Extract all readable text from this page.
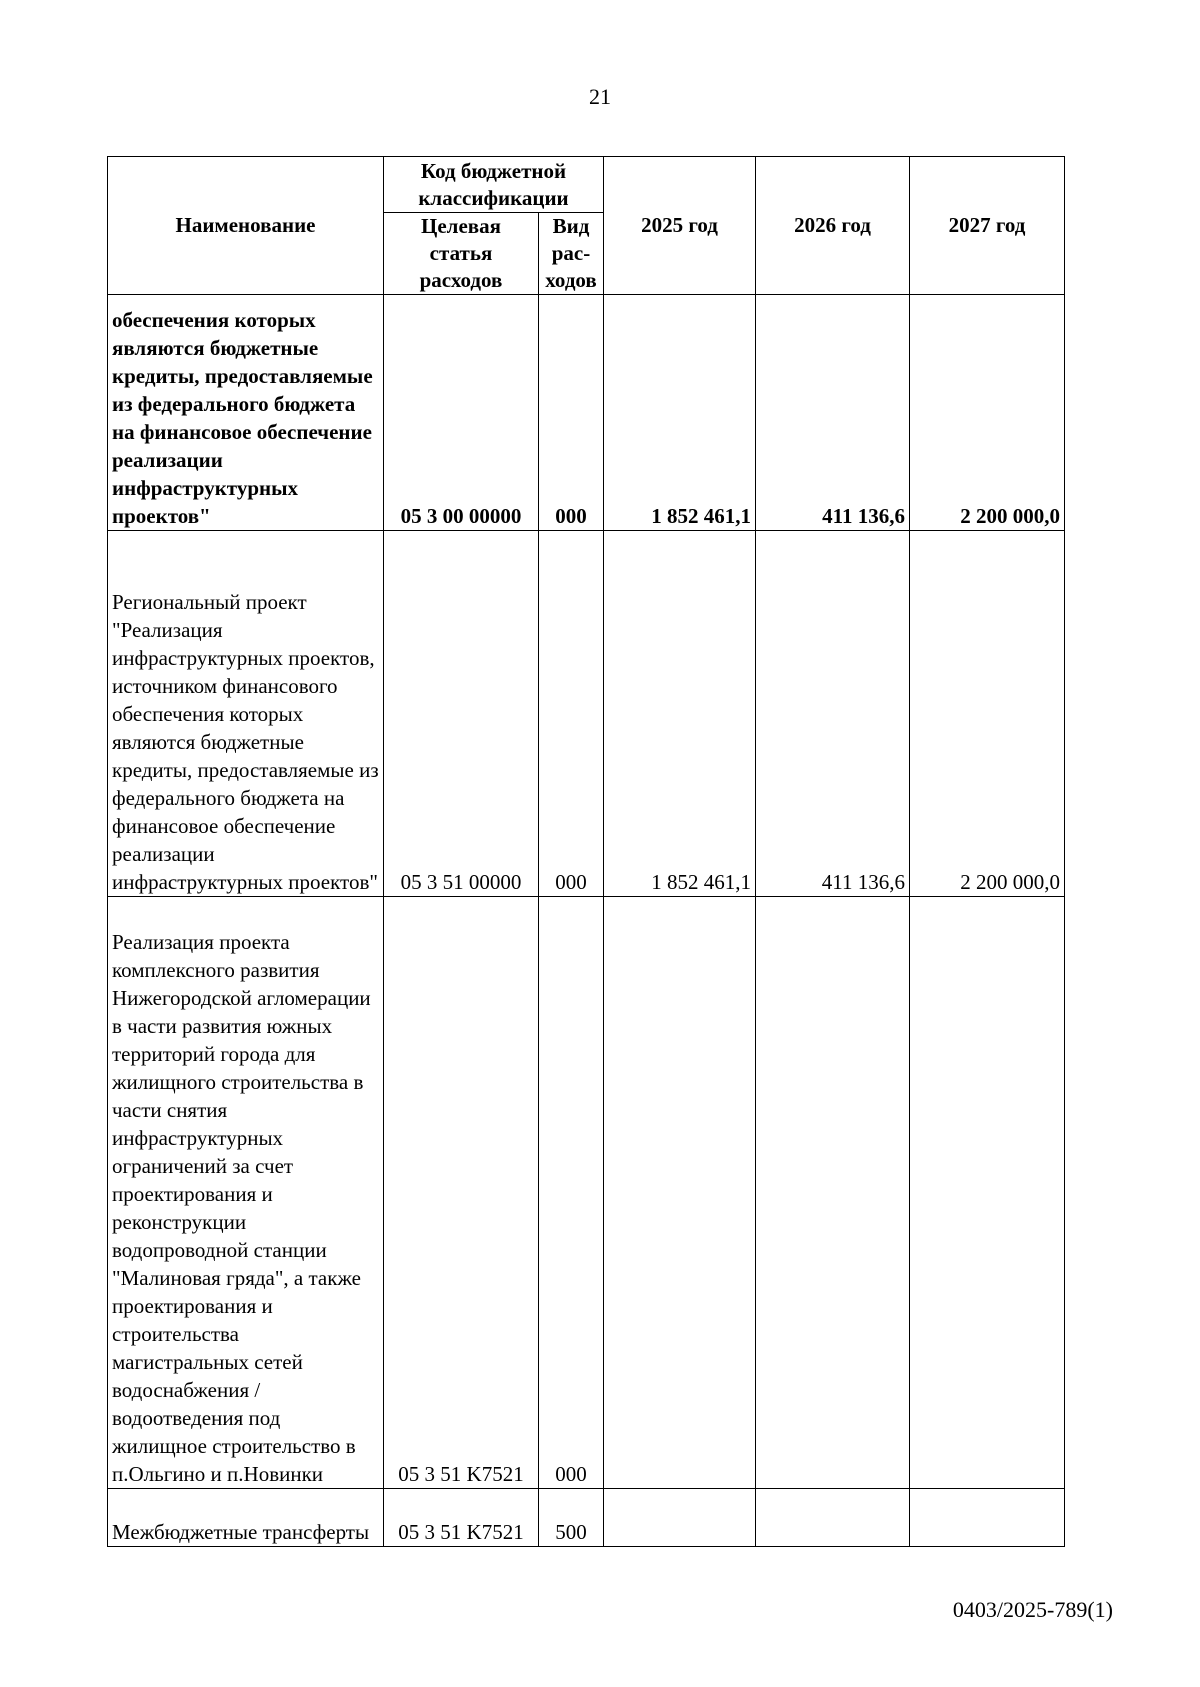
21
Наименование	Код бюджетной классификации		2025 год	2026 год	2027 год
	Целевая статья расходов	Вид рас-ходов			
обеспечения которых являются бюджетные кредиты, предоставляемые из федерального бюджета на финансовое обеспечение реализации инфраструктурных проектов"	05 3 00 00000	000	1 852 461,1	411 136,6	2 200 000,0
Региональный проект "Реализация инфраструктурных проектов, источником финансового обеспечения которых являются бюджетные кредиты, предоставляемые из федерального бюджета на финансовое обеспечение реализации инфраструктурных проектов"	05 3 51 00000	000	1 852 461,1	411 136,6	2 200 000,0
Реализация проекта комплексного развития Нижегородской агломерации в части развития южных территорий города для жилищного строительства в части снятия инфраструктурных ограничений за счет проектирования и реконструкции водопроводной станции "Малиновая гряда", а также проектирования и строительства магистральных сетей водоснабжения / водоотведения под жилищное строительство в п.Ольгино и п.Новинки	05 3 51 K7521	000			
Межбюджетные трансферты	05 3 51 K7521	500			
0403/2025-789(1)
